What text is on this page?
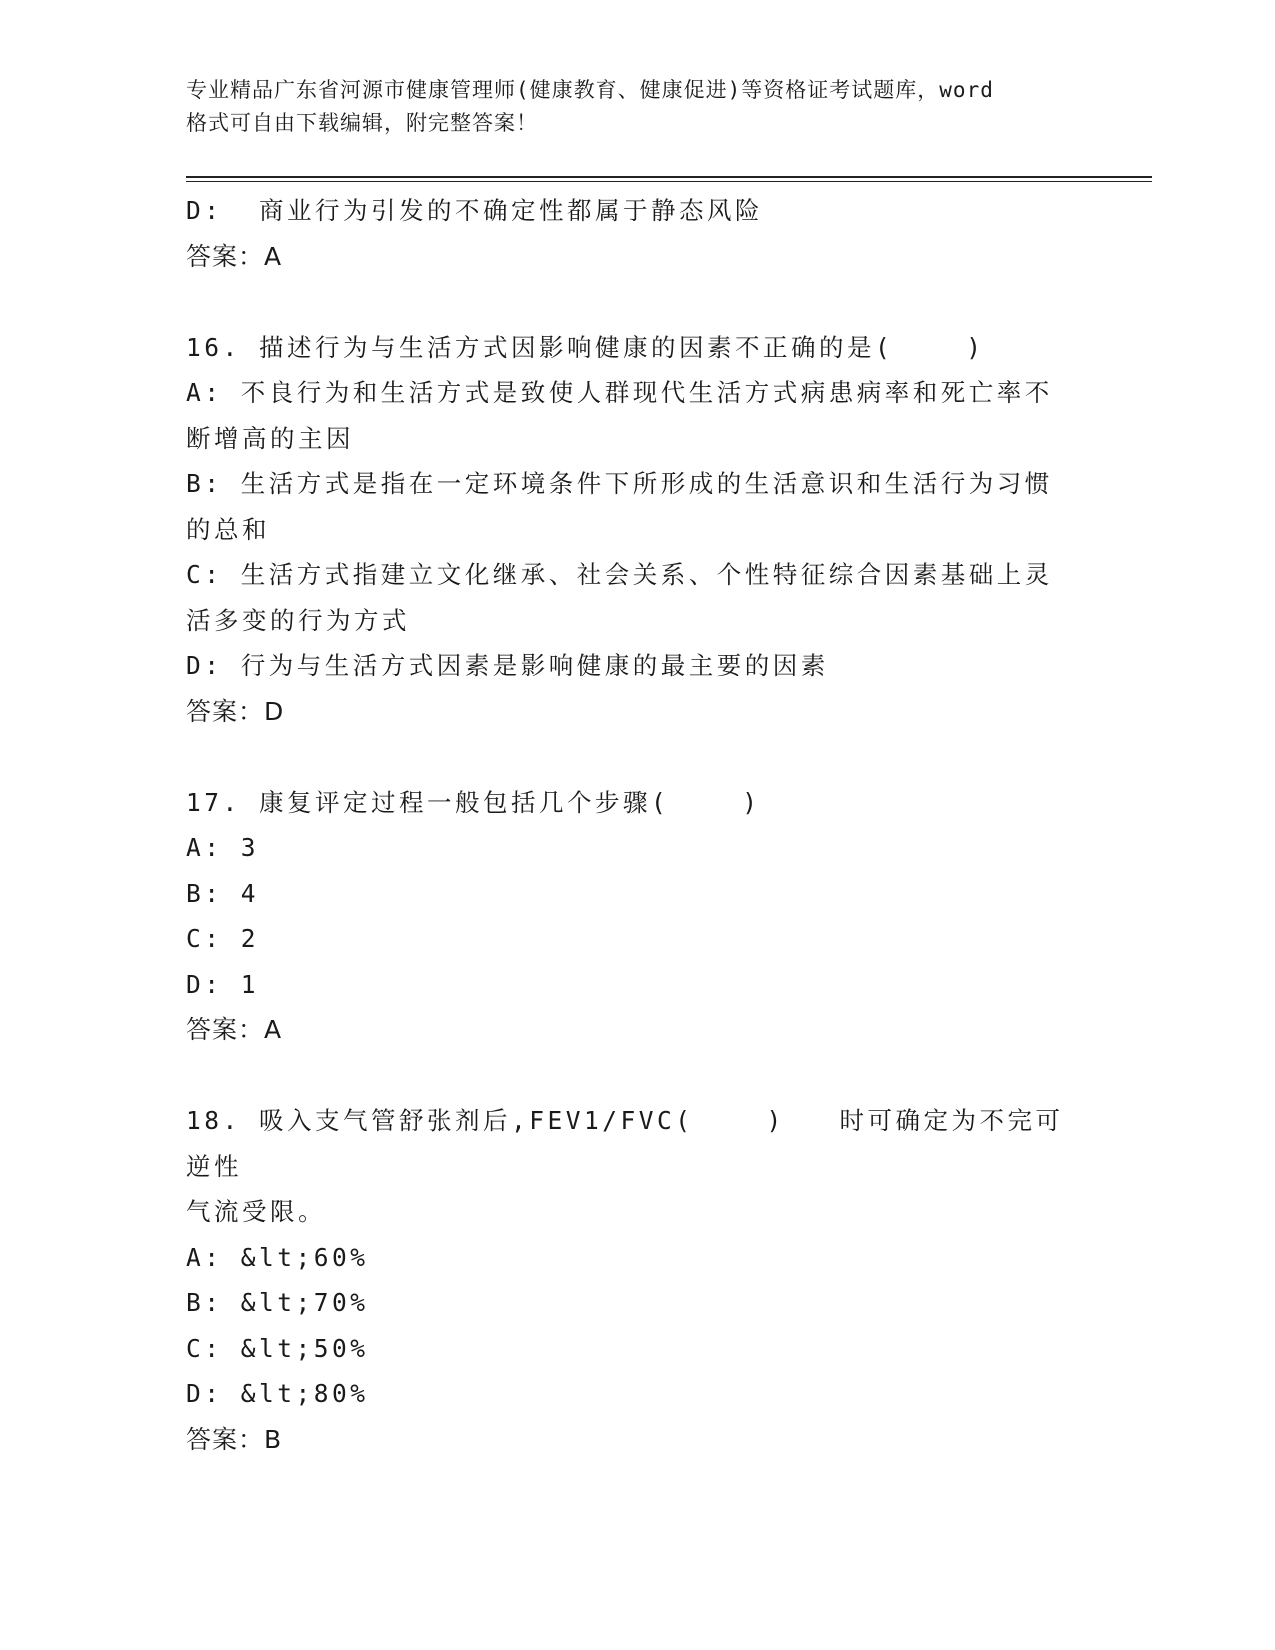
专业精品广东省河源市健康管理师(健康教育、健康促进)等资格证考试题库，word
格式可自由下载编辑，附完整答案！
D:  商业行为引发的不确定性都属于静态风险
答案：A
16. 描述行为与生活方式因影响健康的因素不正确的是(    )
A: 不良行为和生活方式是致使人群现代生活方式病患病率和死亡率不
断增高的主因
B: 生活方式是指在一定环境条件下所形成的生活意识和生活行为习惯
的总和
C: 生活方式指建立文化继承、社会关系、个性特征综合因素基础上灵
活多变的行为方式
D: 行为与生活方式因素是影响健康的最主要的因素
答案：D
17. 康复评定过程一般包括几个步骤(    )
A: 3
B: 4
C: 2
D: 1
答案：A
18. 吸入支气管舒张剂后,FEV1/FVC(    )   时可确定为不完可逆性
气流受限。
A: &lt;60%
B: &lt;70%
C: &lt;50%
D: &lt;80%
答案：B
